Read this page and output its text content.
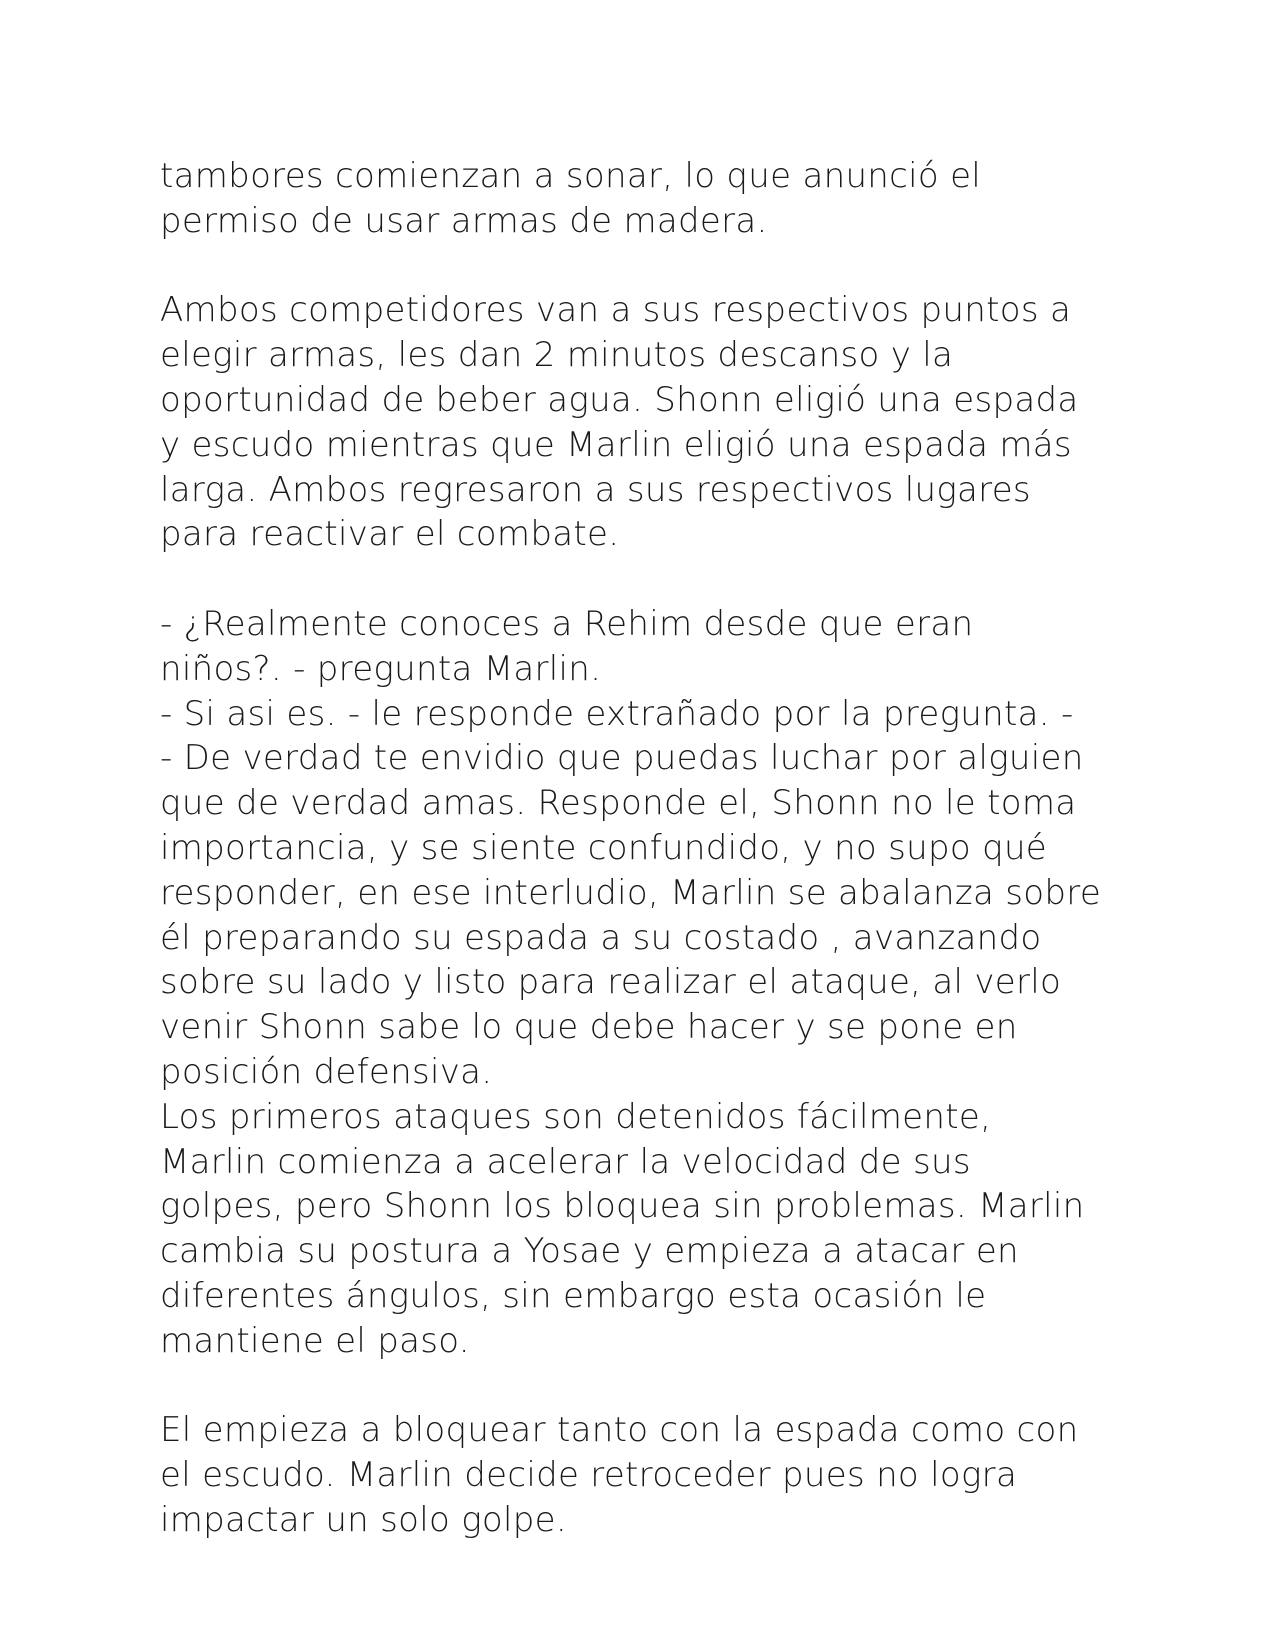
tambores comienzan a sonar, lo que anunció el
permiso de usar armas de madera.

Ambos competidores van a sus respectivos puntos a
elegir armas, les dan 2 minutos descanso y la
oportunidad de beber agua. Shonn eligió una espada
y escudo mientras que Marlin eligió una espada más
larga. Ambos regresaron a sus respectivos lugares
para reactivar el combate.

- ¿Realmente conoces a Rehim desde que eran
niños?. - pregunta Marlin.
- Si asi es. - le responde extrañado por la pregunta. -
- De verdad te envidio que puedas luchar por alguien
que de verdad amas. Responde el, Shonn no le toma
importancia, y se siente confundido, y no supo qué
responder, en ese interludio, Marlin se abalanza sobre
él preparando su espada a su costado , avanzando
sobre su lado y listo para realizar el ataque, al verlo
venir Shonn sabe lo que debe hacer y se pone en
posición defensiva.
Los primeros ataques son detenidos fácilmente,
Marlin comienza a acelerar la velocidad de sus
golpes, pero Shonn los bloquea sin problemas. Marlin
cambia su postura a Yosae y empieza a atacar en
diferentes ángulos, sin embargo esta ocasión le
mantiene el paso.

El empieza a bloquear tanto con la espada como con
el escudo. Marlin decide retroceder pues no logra
impactar un solo golpe.
